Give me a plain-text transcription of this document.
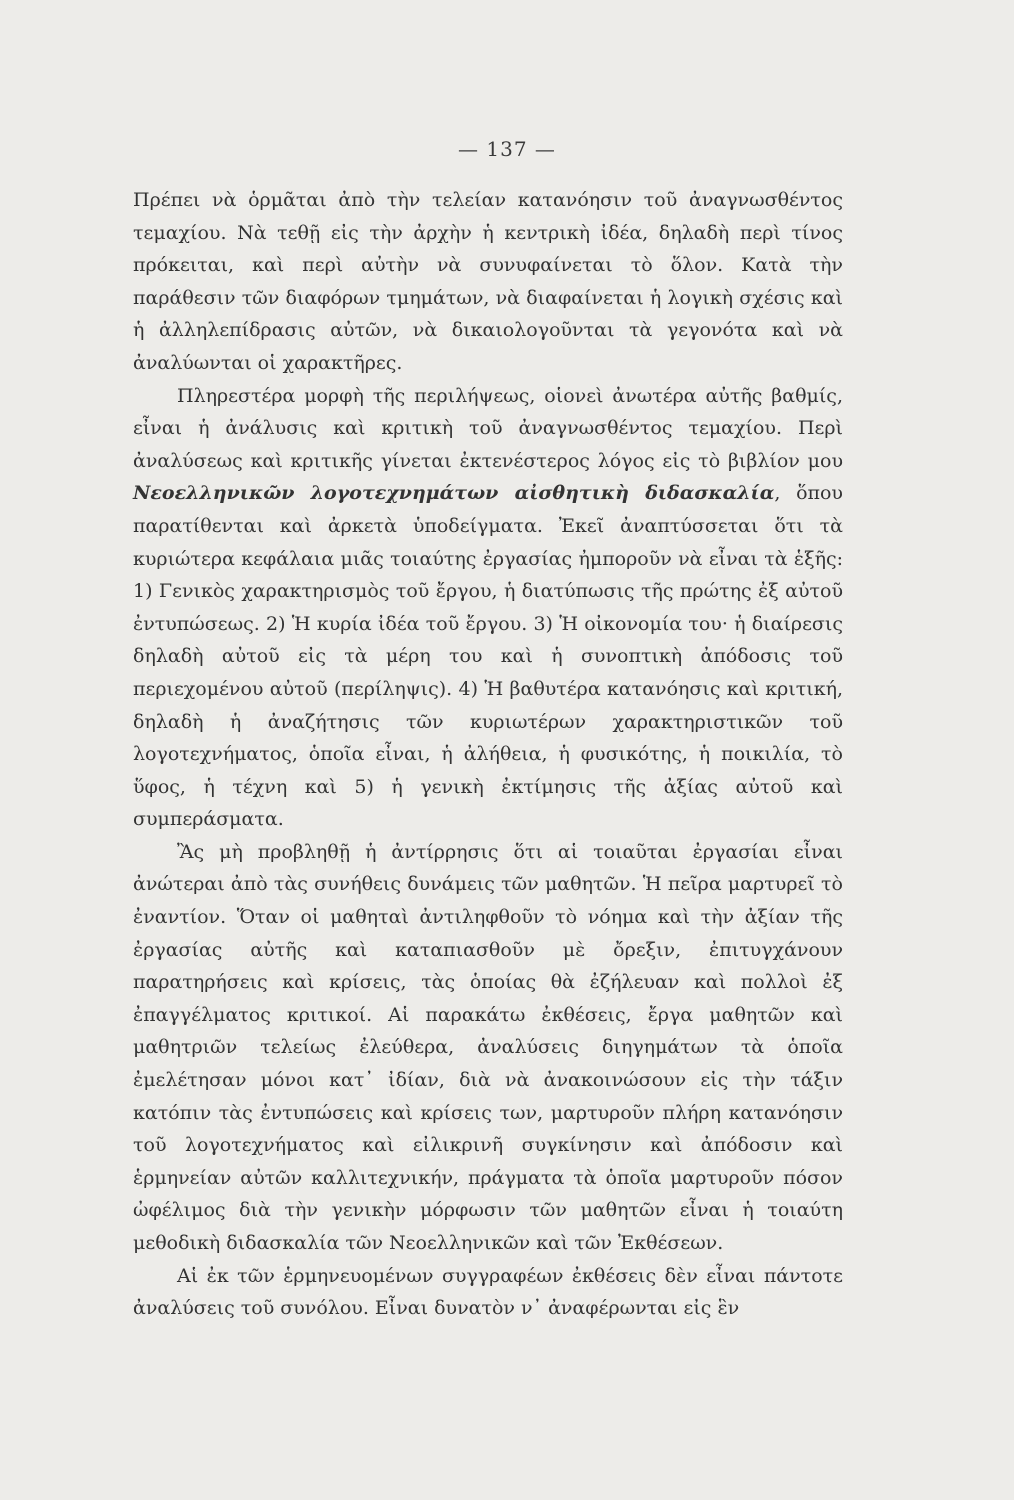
— 137 —

Πρέπει νὰ ὁρμᾶται ἀπὸ τὴν τελείαν κατανόησιν τοῦ ἀναγνωσθέντος τεμαχίου. Νὰ τεθῇ εἰς τὴν ἀρχὴν ἡ κεντρικὴ ἰδέα, δηλαδὴ περὶ τίνος πρόκειται, καὶ περὶ αὐτὴν νὰ συνυφαίνεται τὸ ὅλον. Κατὰ τὴν παράθεσιν τῶν διαφόρων τμημάτων, νὰ διαφαίνεται ἡ λογικὴ σχέσις καὶ ἡ ἀλληλεπίδρασις αὐτῶν, νὰ δικαιολογοῦνται τὰ γεγονότα καὶ νὰ ἀναλύωνται οἱ χαρακτῆρες.

Πληρεστέρα μορφὴ τῆς περιλήψεως, οἱονεὶ ἀνωτέρα αὐτῆς βαθμίς, εἶναι ἡ ἀνάλυσις καὶ κριτικὴ τοῦ ἀναγνωσθέντος τεμαχίου. Περὶ ἀναλύσεως καὶ κριτικῆς γίνεται ἐκτενέστερος λόγος εἰς τὸ βιβλίον μου Νεοελληνικῶν λογοτεχνημάτων αἰσθητικὴ διδασκαλία, ὅπου παρατίθενται καὶ ἀρκετὰ ὑποδείγματα. Ἐκεῖ ἀναπτύσσεται ὅτι τὰ κυριώτερα κεφάλαια μιᾶς τοιαύτης ἐργασίας ἠμποροῦν νὰ εἶναι τὰ ἑξῆς: 1) Γενικὸς χαρακτηρισμὸς τοῦ ἔργου, ἡ διατύπωσις τῆς πρώτης ἐξ αὐτοῦ ἐντυπώσεως. 2) Ἡ κυρία ἰδέα τοῦ ἔργου. 3) Ἡ οἰκονομία του· ἡ διαίρεσις δηλαδὴ αὐτοῦ εἰς τὰ μέρη του καὶ ἡ συνοπτικὴ ἀπόδοσις τοῦ περιεχομένου αὐτοῦ (περίληψις). 4) Ἡ βαθυτέρα κατανόησις καὶ κριτική, δηλαδὴ ἡ ἀναζήτησις τῶν κυριωτέρων χαρακτηριστικῶν τοῦ λογοτεχνήματος, ὁποῖα εἶναι, ἡ ἀλήθεια, ἡ φυσικότης, ἡ ποικιλία, τὸ ὕφος, ἡ τέχνη καὶ 5) ἡ γενικὴ ἐκτίμησις τῆς ἀξίας αὐτοῦ καὶ συμπεράσματα.

Ἂς μὴ προβληθῇ ἡ ἀντίρρησις ὅτι αἱ τοιαῦται ἐργασίαι εἶναι ἀνώτεραι ἀπὸ τὰς συνήθεις δυνάμεις τῶν μαθητῶν. Ἡ πεῖρα μαρτυρεῖ τὸ ἐναντίον. Ὅταν οἱ μαθηταὶ ἀντιληφθοῦν τὸ νόημα καὶ τὴν ἀξίαν τῆς ἐργασίας αὐτῆς καὶ καταπιασθοῦν μὲ ὄρεξιν, ἐπιτυγχάνουν παρατηρήσεις καὶ κρίσεις, τὰς ὁποίας θὰ ἐζήλευαν καὶ πολλοὶ ἐξ ἐπαγγέλματος κριτικοί. Αἱ παρακάτω ἐκθέσεις, ἔργα μαθητῶν καὶ μαθητριῶν τελείως ἐλεύθερα, ἀναλύσεις διηγημάτων τὰ ὁποῖα ἐμελέτησαν μόνοι κατ᾽ ἰδίαν, διὰ νὰ ἀνακοινώσουν εἰς τὴν τάξιν κατόπιν τὰς ἐντυπώσεις καὶ κρίσεις των, μαρτυροῦν πλήρη κατανόησιν τοῦ λογοτεχνήματος καὶ εἰλικρινῆ συγκίνησιν καὶ ἀπόδοσιν καὶ ἑρμηνείαν αὐτῶν καλλιτεχνικήν, πράγματα τὰ ὁποῖα μαρτυροῦν πόσον ὠφέλιμος διὰ τὴν γενικὴν μόρφωσιν τῶν μαθητῶν εἶναι ἡ τοιαύτη μεθοδικὴ διδασκαλία τῶν Νεοελληνικῶν καὶ τῶν Ἐκθέσεων.

Αἱ ἐκ τῶν ἑρμηνευομένων συγγραφέων ἐκθέσεις δὲν εἶναι πάντοτε ἀναλύσεις τοῦ συνόλου. Εἶναι δυνατὸν ν᾽ ἀναφέρωνται εἰς ἓν
